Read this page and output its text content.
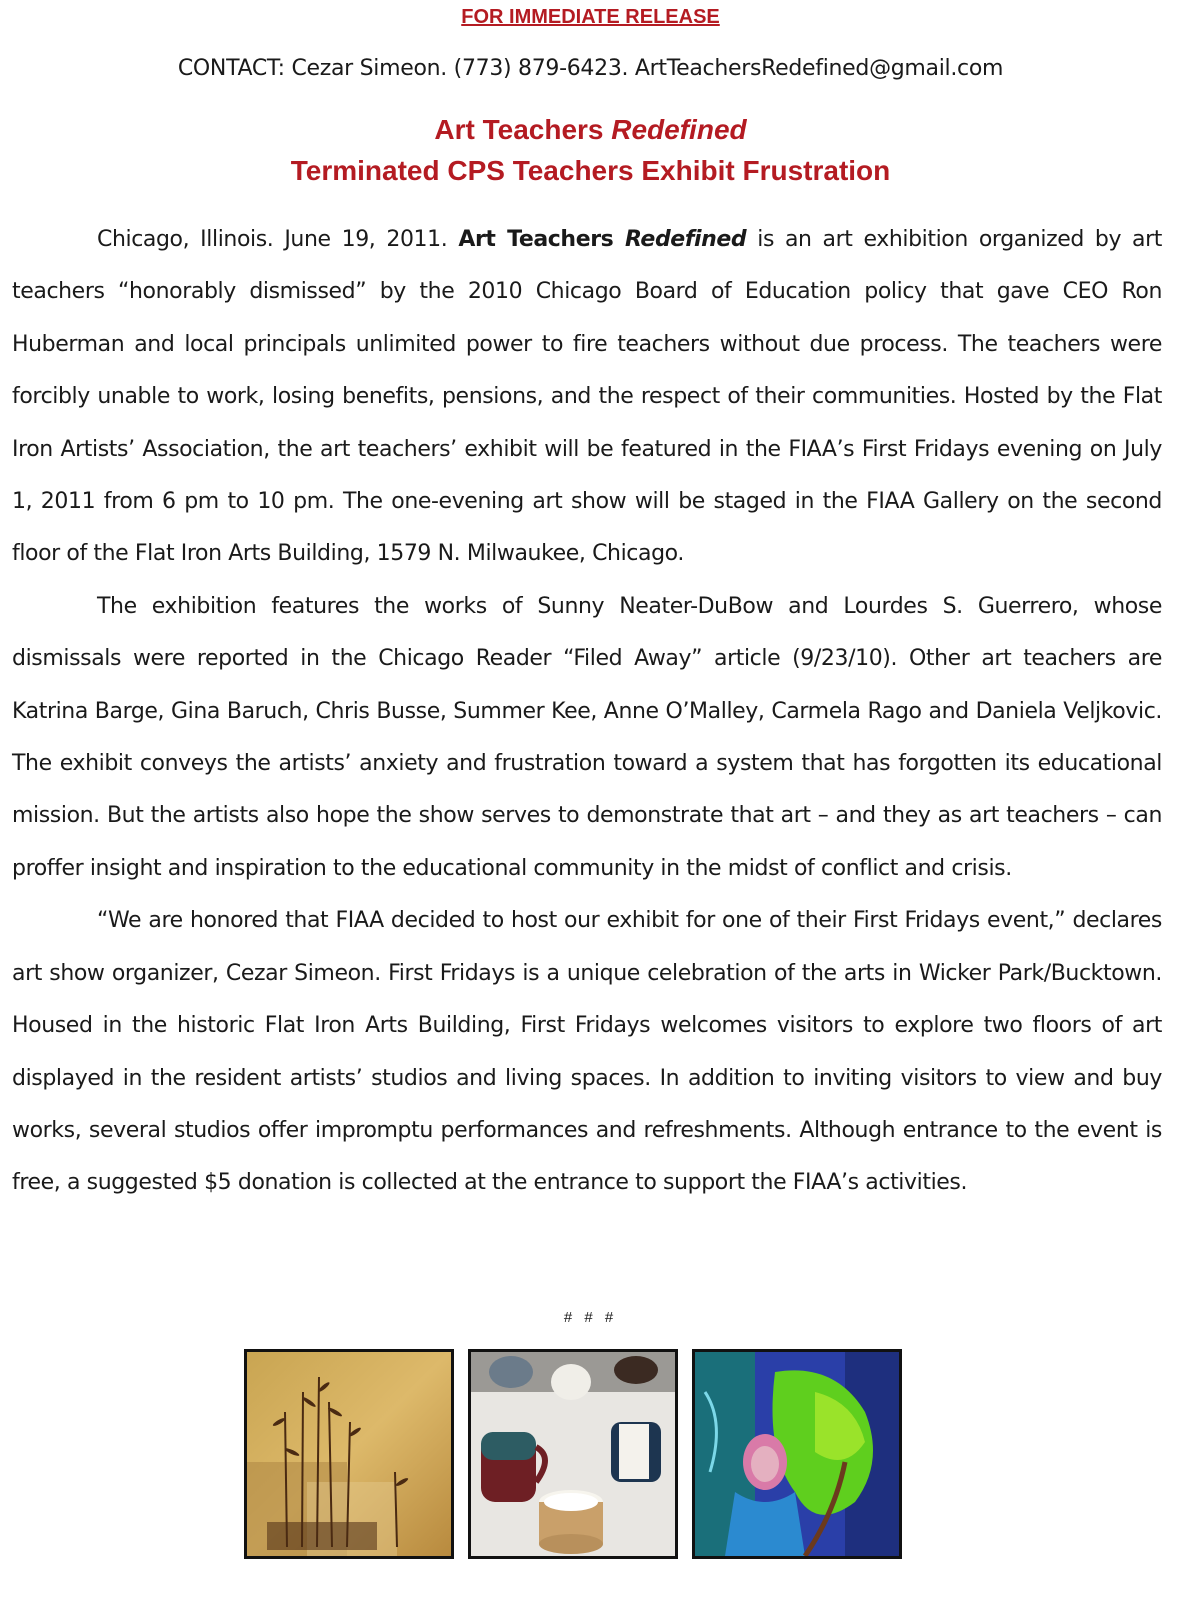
FOR IMMEDIATE RELEASE
CONTACT: Cezar Simeon. (773) 879-6423. ArtTeachersRedefined@gmail.com
Art Teachers Redefined
Terminated CPS Teachers Exhibit Frustration

Chicago, Illinois. June 19, 2011. Art Teachers Redefined is an art exhibition organized by art teachers “honorably dismissed” by the 2010 Chicago Board of Education policy that gave CEO Ron Huberman and local principals unlimited power to fire teachers without due process. The teachers were forcibly unable to work, losing benefits, pensions, and the respect of their communities. Hosted by the Flat Iron Artists’ Association, the art teachers’ exhibit will be featured in the FIAA’s First Fridays evening on July 1, 2011 from 6 pm to 10 pm. The one-evening art show will be staged in the FIAA Gallery on the second floor of the Flat Iron Arts Building, 1579 N. Milwaukee, Chicago.

The exhibition features the works of Sunny Neater-DuBow and Lourdes S. Guerrero, whose dismissals were reported in the Chicago Reader “Filed Away” article (9/23/10). Other art teachers are Katrina Barge, Gina Baruch, Chris Busse, Summer Kee, Anne O’Malley, Carmela Rago and Daniela Veljkovic. The exhibit conveys the artists’ anxiety and frustration toward a system that has forgotten its educational mission. But the artists also hope the show serves to demonstrate that art – and they as art teachers – can proffer insight and inspiration to the educational community in the midst of conflict and crisis.

“We are honored that FIAA decided to host our exhibit for one of their First Fridays event,” declares art show organizer, Cezar Simeon. First Fridays is a unique celebration of the arts in Wicker Park/Bucktown. Housed in the historic Flat Iron Arts Building, First Fridays welcomes visitors to explore two floors of art displayed in the resident artists’ studios and living spaces. In addition to inviting visitors to view and buy works, several studios offer impromptu performances and refreshments. Although entrance to the event is free, a suggested $5 donation is collected at the entrance to support the FIAA’s activities.

# # #
